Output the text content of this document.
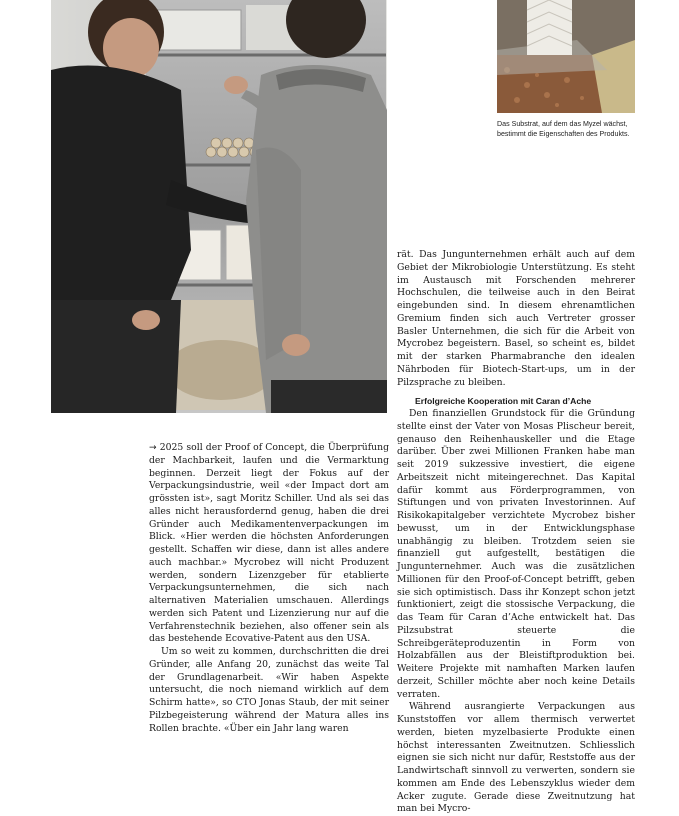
Das Substrat, auf dem das Myzel wächst, bestimmt die Eigenschaften des Produkts.

→ 2025 soll der Proof of Concept, die Überprüfung der Machbarkeit, laufen und die Vermarktung beginnen. Derzeit liegt der Fokus auf der Verpackungsindustrie, weil «der Impact dort am grössten ist», sagt Moritz Schiller. Und als sei das alles nicht herausfordernd genug, haben die drei Gründer auch Medikamentenverpackungen im Blick. «Hier werden die höchsten Anforderungen gestellt. Schaffen wir diese, dann ist alles andere auch machbar.» Mycrobez will nicht Produzent werden, sondern Lizenzgeber für etablierte Verpackungsunternehmen, die sich nach alternativen Materialien umschauen. Allerdings werden sich Patent und Lizenzierung nur auf die Verfahrenstechnik beziehen, also offener sein als das bestehende Ecovative-Patent aus den USA.

Um so weit zu kommen, durchschritten die drei Gründer, alle Anfang 20, zunächst das weite Tal der Grundlagenarbeit. «Wir haben Aspekte untersucht, die noch niemand wirklich auf dem Schirm hatte», so CTO Jonas Staub, der mit seiner Pilzbegeisterung während der Matura alles ins Rollen brachte. «Über ein Jahr lang waren

rät. Das Jungunternehmen erhält auch auf dem Gebiet der Mikrobiologie Unterstützung. Es steht im Austausch mit Forschenden mehrerer Hochschulen, die teilweise auch in den Beirat eingebunden sind. In diesem ehrenamtlichen Gremium finden sich auch Vertreter grosser Basler Unternehmen, die sich für die Arbeit von Mycrobez begeistern. Basel, so scheint es, bildet mit der starken Pharmabranche den idealen Nährboden für Biotech-Start-ups, um in der Pilzsprache zu bleiben.

Erfolgreiche Kooperation mit Caran d’Ache

Den finanziellen Grundstock für die Gründung stellte einst der Vater von Mosas Plischeur bereit, genauso den Reihenhauskeller und die Etage darüber. Über zwei Millionen Franken habe man seit 2019 sukzessive investiert, die eigene Arbeitszeit nicht miteingerechnet. Das Kapital dafür kommt aus Förderprogrammen, von Stiftungen und von privaten Investorinnen. Auf Risikokapitalgeber verzichtete Mycrobez bisher bewusst, um in der Entwicklungsphase unabhängig zu bleiben. Trotzdem seien sie finanziell gut aufgestellt, bestätigen die Jungunternehmer. Auch was die zusätzlichen Millionen für den Proof-of-Concept betrifft, geben sie sich optimistisch. Dass ihr Konzept schon jetzt funktioniert, zeigt die stossische Verpackung, die das Team für Caran d’Ache entwickelt hat. Das Pilzsubstrat steuerte die Schreibgeräteproduzentin in Form von Holzabfällen aus der Bleistiftproduktion bei. Weitere Projekte mit namhaften Marken laufen derzeit, Schiller möchte aber noch keine Details verraten.

Während ausrangierte Verpackungen aus Kunststoffen vor allem thermisch verwertet werden, bieten myzelbasierte Produkte einen höchst interessanten Zweitnutzen. Schliesslich eignen sie sich nicht nur dafür, Reststoffe aus der Landwirtschaft sinnvoll zu verwerten, sondern sie kommen am Ende des Lebenszyklus wieder dem Acker zugute. Gerade diese Zweitnutzung hat man bei Mycro-
